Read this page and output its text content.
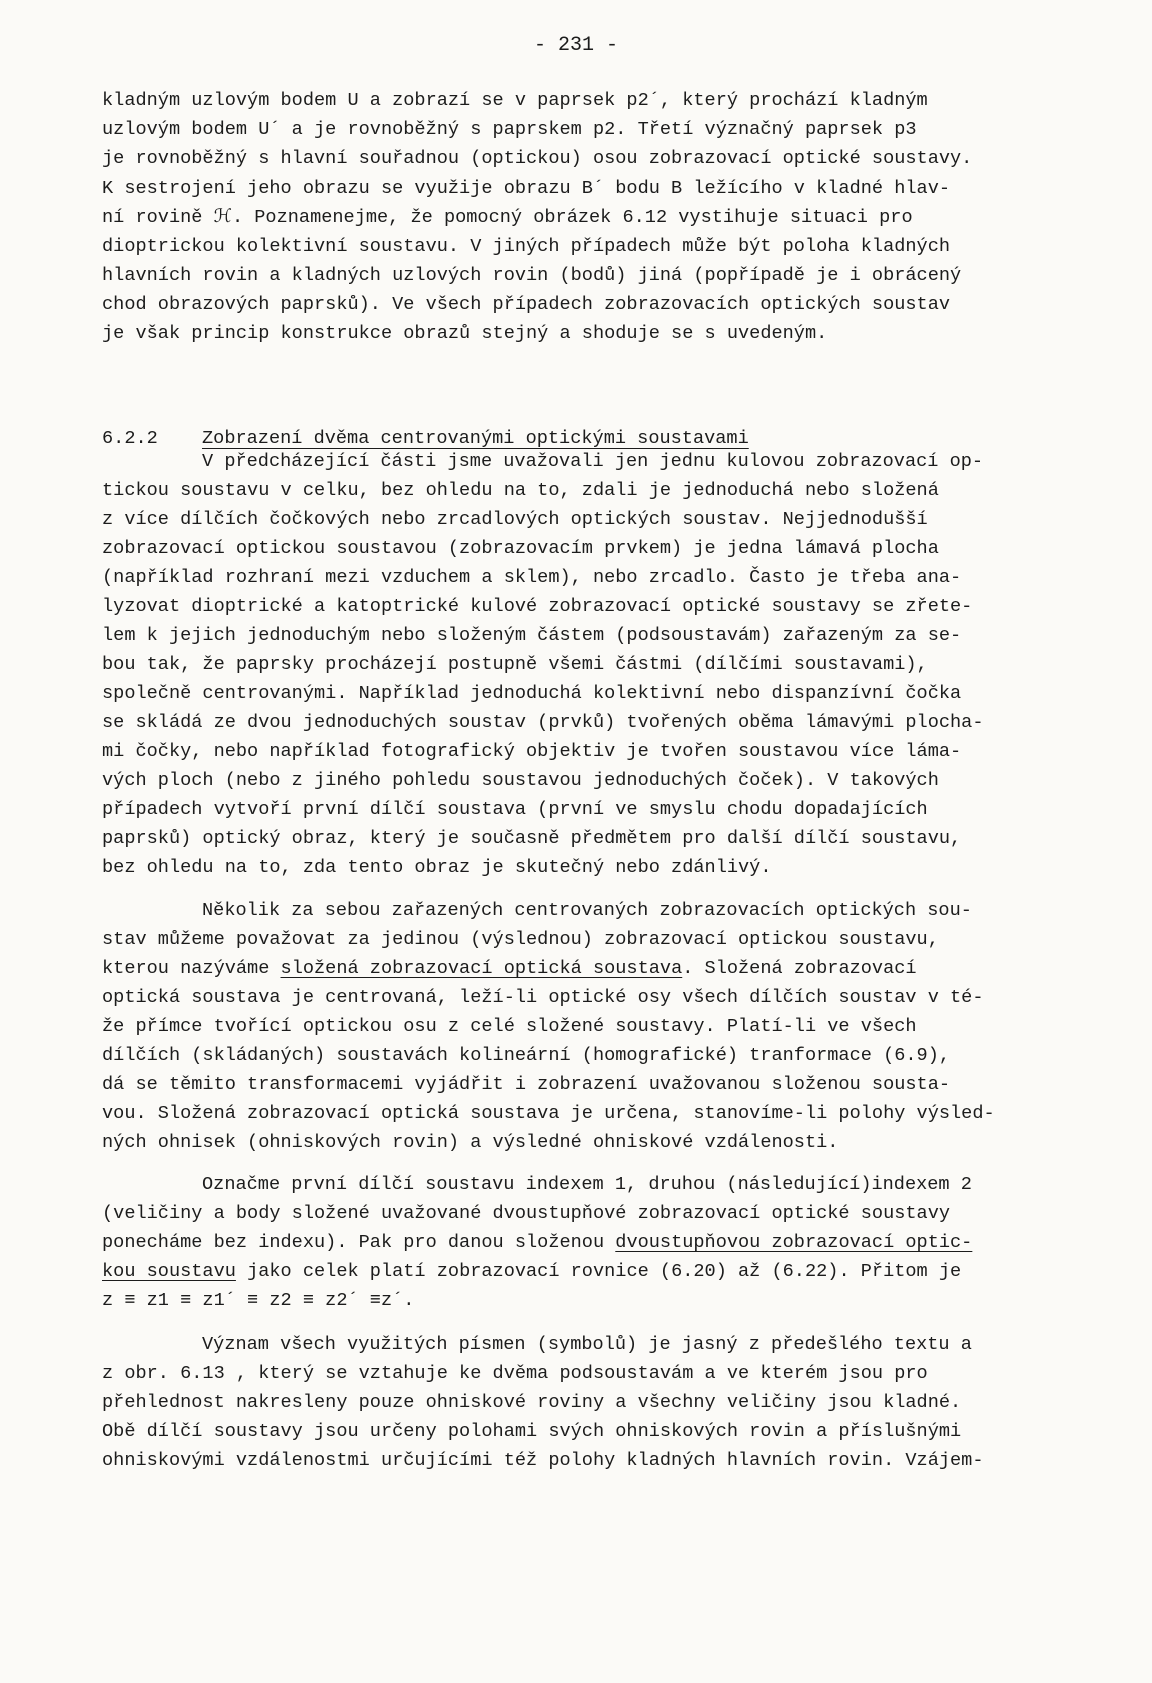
- 231 -
kladným uzlovým bodem U a zobrazí se v paprsek p2´, který prochází kladným
uzlovým bodem U´ a je rovnoběžný s paprskem p2. Třetí význačný paprsek p3
je rovnoběžný s hlavní souřadnou (optickou) osou zobrazovací optické soustavy.
K sestrojení jeho obrazu se využije obrazu B´ bodu B ležícího v kladné hlav-
ní rovině ℋ. Poznamenejme, že pomocný obrázek 6.12 vystihuje situaci pro
dioptrickou kolektivní soustavu. V jiných případech může být poloha kladných
hlavních rovin a kladných uzlových rovin (bodů) jiná (popřípadě je i obrácený
chod obrazových paprsků). Ve všech případech zobrazovacích optických soustav
je však princip konstrukce obrazů stejný a shoduje se s uvedeným.
6.2.2 Zobrazení dvěma centrovanými optickými soustavami
V předcházející části jsme uvažovali jen jednu kulovou zobrazovací op-
tickou soustavu v celku, bez ohledu na to, zdali je jednoduchá nebo složená
z více dílčích čočkových nebo zrcadlových optických soustav. Nejjednodušší
zobrazovací optickou soustavou (zobrazovacím prvkem) je jedna lámavá plocha
(například rozhraní mezi vzduchem a sklem), nebo zrcadlo. Často je třeba ana-
lyzovat dioptrické a katoptrické kulové zobrazovací optické soustavy se zřete-
lem k jejich jednoduchým nebo složeným částem (podsoustavám) zařazeným za se-
bou tak, že paprsky procházejí postupně všemi částmi (dílčími soustavami),
společně centrovanými. Například jednoduchá kolektivní nebo dispanzívní čočka
se skládá ze dvou jednoduchých soustav (prvků) tvořených oběma lámavými plocha-
mi čočky, nebo například fotografický objektiv je tvořen soustavou více láma-
vých ploch (nebo z jiného pohledu soustavou jednoduchých čoček). V takových
případech vytvoří první dílčí soustava (první ve smyslu chodu dopadajících
paprsků) optický obraz, který je současně předmětem pro další dílčí soustavu,
bez ohledu na to, zda tento obraz je skutečný nebo zdánlivý.
Několik za sebou zařazených centrovaných zobrazovacích optických sou-
stav můžeme považovat za jedinou (výslednou) zobrazovací optickou soustavu,
kterou nazýváme složená zobrazovací optická soustava. Složená zobrazovací
optická soustava je centrovaná, leží-li optické osy všech dílčích soustav v té-
že přímce tvořící optickou osu z celé složené soustavy. Platí-li ve všech
dílčích (skládaných) soustavách kolineární (homografické) tranformace (6.9),
dá se těmito transformacemi vyjádřit i zobrazení uvažovanou složenou sousta-
vou. Složená zobrazovací optická soustava je určena, stanovíme-li polohy výsled-
ných ohnisek (ohniskových rovin) a výsledné ohniskové vzdálenosti.
Označme první dílčí soustavu indexem 1, druhou (následující)indexem 2
(veličiny a body složené uvažované dvoustupňové zobrazovací optické soustavy
ponecháme bez indexu). Pak pro danou složenou dvoustupňovou zobrazovací optic-
kou soustavu jako celek platí zobrazovací rovnice (6.20) až (6.22). Přitom je
z ≡ z1 ≡ z1´ ≡ z2 ≡ z2´ ≡z´.
Význam všech využitých písmen (symbolů) je jasný z předešlého textu a
z obr. 6.13 , který se vztahuje ke dvěma podsoustavám a ve kterém jsou pro
přehlednost nakresleny pouze ohniskové roviny a všechny veličiny jsou kladné.
Obě dílčí soustavy jsou určeny polohami svých ohniskových rovin a příslušnými
ohniskovými vzdálenostmi určujícími též polohy kladných hlavních rovin. Vzájem-
